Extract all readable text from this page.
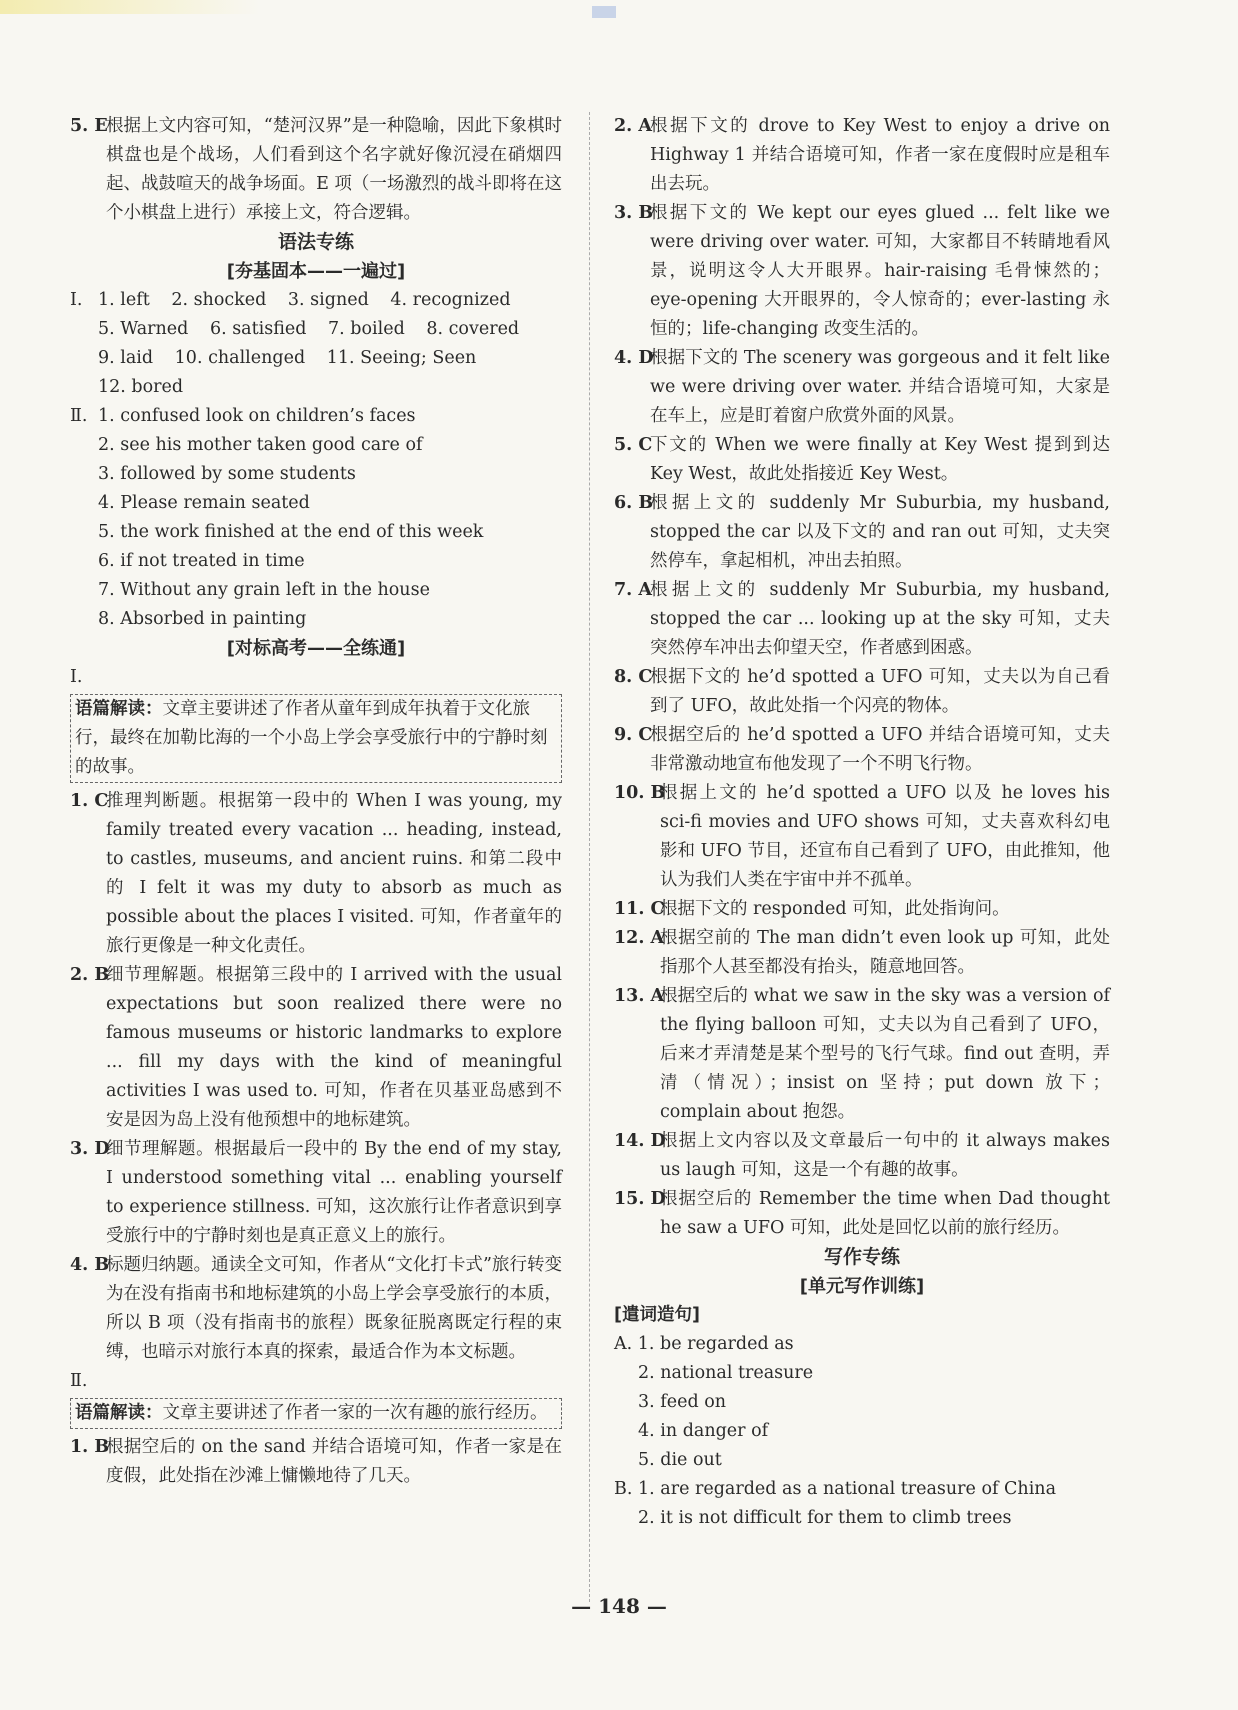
5. E
根据上文内容可知，“楚河汉界”是一种隐喻，因此下象棋时棋盘也是个战场，人们看到这个名字就好像沉浸在硝烟四起、战鼓喧天的战争场面。E 项（一场激烈的战斗即将在这个小棋盘上进行）承接上文，符合逻辑。
语法专练
[夯基固本——一遍过]
Ⅰ. 1. left 2. shocked 3. signed 4. recognized
5. Warned 6. satisfied 7. boiled 8. covered
9. laid 10. challenged 11. Seeing; Seen
12. bored
Ⅱ. 1. confused look on children’s faces
2. see his mother taken good care of
3. followed by some students
4. Please remain seated
5. the work finished at the end of this week
6. if not treated in time
7. Without any grain left in the house
8. Absorbed in painting
[对标高考——全练通]
Ⅰ.
语篇解读：文章主要讲述了作者从童年到成年执着于文化旅行，最终在加勒比海的一个小岛上学会享受旅行中的宁静时刻的故事。
1. C
推理判断题。根据第一段中的 When I was young, my family treated every vacation ... heading, instead, to castles, museums, and ancient ruins. 和第二段中的 I felt it was my duty to absorb as much as possible about the places I visited. 可知，作者童年的旅行更像是一种文化责任。
2. B
细节理解题。根据第三段中的 I arrived with the usual expectations but soon realized there were no famous museums or historic landmarks to explore ... fill my days with the kind of meaningful activities I was used to. 可知，作者在贝基亚岛感到不安是因为岛上没有他预想中的地标建筑。
3. D
细节理解题。根据最后一段中的 By the end of my stay, I understood something vital ... enabling yourself to experience stillness. 可知，这次旅行让作者意识到享受旅行中的宁静时刻也是真正意义上的旅行。
4. B
标题归纳题。通读全文可知，作者从“文化打卡式”旅行转变为在没有指南书和地标建筑的小岛上学会享受旅行的本质，所以 B 项（没有指南书的旅程）既象征脱离既定行程的束缚，也暗示对旅行本真的探索，最适合作为本文标题。
Ⅱ.
语篇解读：文章主要讲述了作者一家的一次有趣的旅行经历。
1. B
根据空后的 on the sand 并结合语境可知，作者一家是在度假，此处指在沙滩上慵懒地待了几天。
2. A
根据下文的 drove to Key West to enjoy a drive on Highway 1 并结合语境可知，作者一家在度假时应是租车出去玩。
3. B
根据下文的 We kept our eyes glued ... felt like we were driving over water. 可知，大家都目不转睛地看风景，说明这令人大开眼界。hair-raising 毛骨悚然的；eye-opening 大开眼界的，令人惊奇的；ever-lasting 永恒的；life-changing 改变生活的。
4. D
根据下文的 The scenery was gorgeous and it felt like we were driving over water. 并结合语境可知，大家是在车上，应是盯着窗户欣赏外面的风景。
5. C
下文的 When we were finally at Key West 提到到达 Key West，故此处指接近 Key West。
6. B
根据上文的 suddenly Mr Suburbia, my husband, stopped the car 以及下文的 and ran out 可知，丈夫突然停车，拿起相机，冲出去拍照。
7. A
根据上文的 suddenly Mr Suburbia, my husband, stopped the car ... looking up at the sky 可知，丈夫突然停车冲出去仰望天空，作者感到困惑。
8. C
根据下文的 he’d spotted a UFO 可知，丈夫以为自己看到了 UFO，故此处指一个闪亮的物体。
9. C
根据空后的 he’d spotted a UFO 并结合语境可知，丈夫非常激动地宣布他发现了一个不明飞行物。
10. B
根据上文的 he’d spotted a UFO 以及 he loves his sci-fi movies and UFO shows 可知，丈夫喜欢科幻电影和 UFO 节目，还宣布自己看到了 UFO，由此推知，他认为我们人类在宇宙中并不孤单。
11. C
根据下文的 responded 可知，此处指询问。
12. A
根据空前的 The man didn’t even look up 可知，此处指那个人甚至都没有抬头，随意地回答。
13. A
根据空后的 what we saw in the sky was a version of the flying balloon 可知，丈夫以为自己看到了 UFO，后来才弄清楚是某个型号的飞行气球。find out 查明，弄清（情况）；insist on 坚持；put down 放下；complain about 抱怨。
14. D
根据上文内容以及文章最后一句中的 it always makes us laugh 可知，这是一个有趣的故事。
15. D
根据空后的 Remember the time when Dad thought he saw a UFO 可知，此处是回忆以前的旅行经历。
写作专练
[单元写作训练]
[遣词造句]
A. 1. be regarded as
2. national treasure
3. feed on
4. in danger of
5. die out
B. 1. are regarded as a national treasure of China
2. it is not difficult for them to climb trees
— 148 —
